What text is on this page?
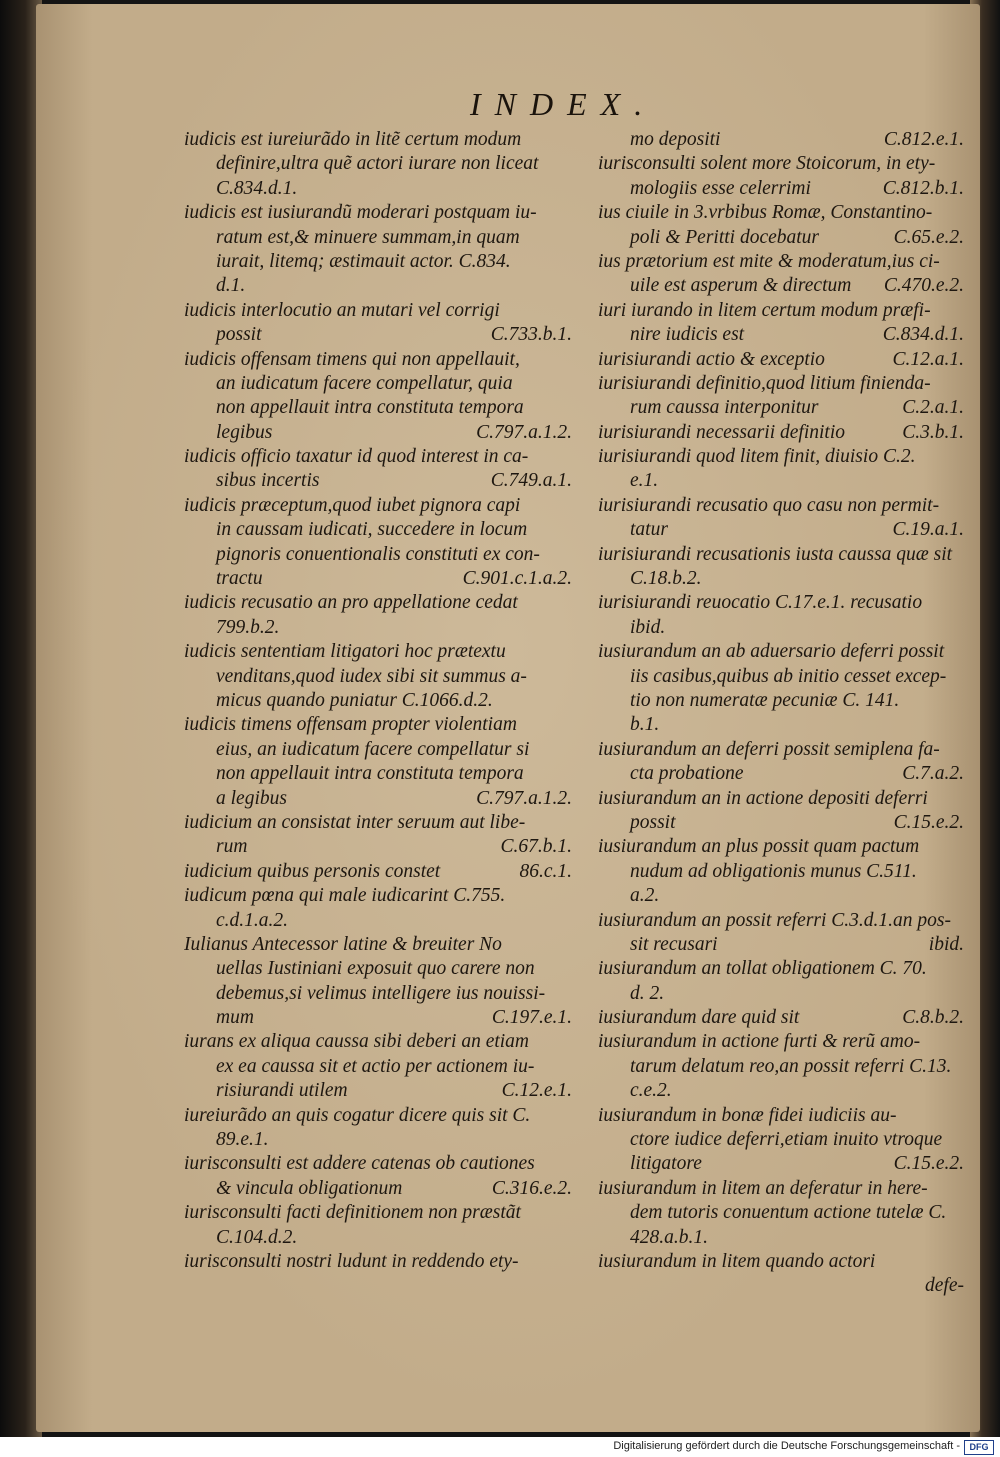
INDEX.
iudicis est iureiurãdo in litẽ certum modum
definire,ultra quẽ actori iurare non liceat
C.834.d.1.
iudicis est iusiurandũ moderari postquam iu-
ratum est,& minuere summam,in quam
iurait, litemq; æstimauit actor. C.834.
d.1.
iudicis interlocutio an mutari vel corrigi
possit	C.733.b.1.
iudicis offensam timens qui non appellauit,
an iudicatum facere compellatur, quia
non appellauit intra constituta tempora
legibus	C.797.a.1.2.
iudicis officio taxatur id quod interest in ca-
sibus incertis	C.749.a.1.
iudicis præceptum,quod iubet pignora capi
in caussam iudicati, succedere in locum
pignoris conuentionalis constituti ex con-
tractu	C.901.c.1.a.2.
iudicis recusatio an pro appellatione cedat
799.b.2.
iudicis sententiam litigatori hoc prætextu
venditans,quod iudex sibi sit summus a-
micus quando puniatur C.1066.d.2.
iudicis timens offensam propter violentiam
eius, an iudicatum facere compellatur si
non appellauit intra constituta tempora
a legibus	C.797.a.1.2.
iudicium an consistat inter seruum aut libe-
rum	C.67.b.1.
iudicium quibus personis constet	86.c.1.
iudicum pœna qui male iudicarint C.755.
c.d.1.a.2.
Iulianus Antecessor latine & breuiter No
uellas Iustiniani exposuit quo carere non
debemus,si velimus intelligere ius nouissi-
mum	C.197.e.1.
iurans ex aliqua caussa sibi deberi an etiam
ex ea caussa sit et actio per actionem iu-
risiurandi utilem	C.12.e.1.
iureiurãdo an quis cogatur dicere quis sit C.
89.e.1.
iurisconsulti est addere catenas ob cautiones
& vincula obligationum	C.316.e.2.
iurisconsulti facti definitionem non præstãt
C.104.d.2.
iurisconsulti nostri ludunt in reddendo ety-
mo depositi	C.812.e.1.
iurisconsulti solent more Stoicorum, in ety-
mologiis esse celerrimi	C.812.b.1.
ius ciuile in 3.vrbibus Romæ, Constantino-
poli & Peritti docebatur	C.65.e.2.
ius prætorium est mite & moderatum,ius ci-
uile est asperum & directum C.470.e.2.
iuri iurando in litem certum modum præfi-
nire iudicis est	C.834.d.1.
iurisiurandi actio & exceptio	C.12.a.1.
iurisiurandi definitio,quod litium finienda-
rum caussa interponitur	C.2.a.1.
iurisiurandi necessarii definitio	C.3.b.1.
iurisiurandi quod litem finit, diuisio C.2.
e.1.
iurisiurandi recusatio quo casu non permit-
tatur	C.19.a.1.
iurisiurandi recusationis iusta caussa quæ sit
C.18.b.2.
iurisiurandi reuocatio C.17.e.1. recusatio
ibid.
iusiurandum an ab aduersario deferri possit
iis casibus,quibus ab initio cesset excep-
tio non numeratæ pecuniæ C. 141.
b.1.
iusiurandum an deferri possit semiplena fa-
cta probatione	C.7.a.2.
iusiurandum an in actione depositi deferri
possit	C.15.e.2.
iusiurandum an plus possit quam pactum
nudum ad obligationis munus C.511.
a.2.
iusiurandum an possit referri C.3.d.1.an pos-
sit recusari	ibid.
iusiurandum an tollat obligationem C. 70.
d. 2.
iusiurandum dare quid sit	C.8.b.2.
iusiurandum in actione furti & rerũ amo-
tarum delatum reo,an possit referri C.13.
c.e.2.
iusiurandum in bonæ fidei iudiciis au-
ctore iudice deferri,etiam inuito vtroque
litigatore	C.15.e.2.
iusiurandum in litem an deferatur in here-
dem tutoris conuentum actione tutelæ C.
428.a.b.1.
iusiurandum in litem quando actori
defe-
Digitalisierung gefördert durch die Deutsche Forschungsgemeinschaft -	DFG
